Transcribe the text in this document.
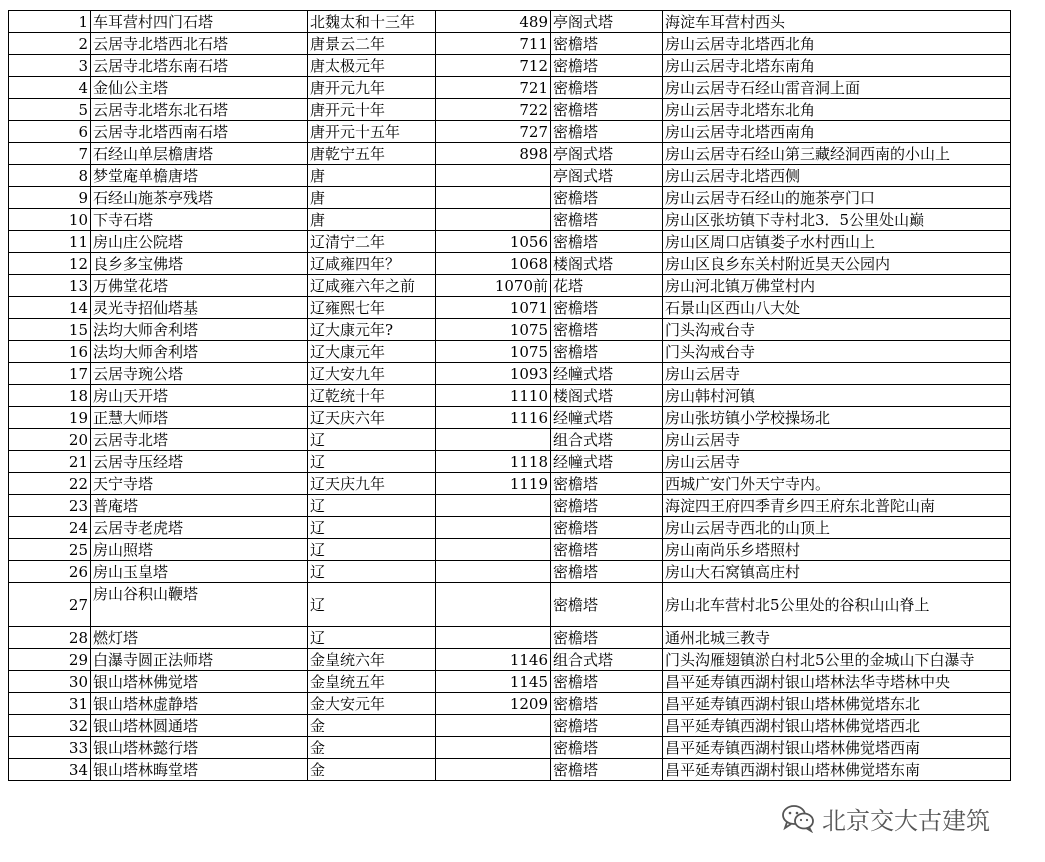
1	车耳营村四门石塔	北魏太和十三年	489	亭阁式塔	海淀车耳营村西头
2	云居寺北塔西北石塔	唐景云二年	711	密檐塔	房山云居寺北塔西北角
3	云居寺北塔东南石塔	唐太极元年	712	密檐塔	房山云居寺北塔东南角
4	金仙公主塔	唐开元九年	721	密檐塔	房山云居寺石经山雷音洞上面
5	云居寺北塔东北石塔	唐开元十年	722	密檐塔	房山云居寺北塔东北角
6	云居寺北塔西南石塔	唐开元十五年	727	密檐塔	房山云居寺北塔西南角
7	石经山单层檐唐塔	唐乾宁五年	898	亭阁式塔	房山云居寺石经山第三藏经洞西南的小山上
8	梦堂庵单檐唐塔	唐		亭阁式塔	房山云居寺北塔西侧
9	石经山施茶亭残塔	唐		密檐塔	房山云居寺石经山的施茶亭门口
10	下寺石塔	唐		密檐塔	房山区张坊镇下寺村北3．5公里处山巅
11	房山庄公院塔	辽清宁二年	1056	密檐塔	房山区周口店镇娄子水村西山上
12	良乡多宝佛塔	辽咸雍四年？	1068	楼阁式塔	房山区良乡东关村附近昊天公园内
13	万佛堂花塔	辽咸雍六年之前	1070前	花塔	房山河北镇万佛堂村内
14	灵光寺招仙塔基	辽雍熙七年	1071	密檐塔	石景山区西山八大处
15	法均大师舍利塔	辽大康元年?	1075	密檐塔	门头沟戒台寺
16	法均大师舍利塔	辽大康元年	1075	密檐塔	门头沟戒台寺
17	云居寺琬公塔	辽大安九年	1093	经幢式塔	房山云居寺
18	房山天开塔	辽乾统十年	1110	楼阁式塔	房山韩村河镇
19	正慧大师塔	辽天庆六年	1116	经幢式塔	房山张坊镇小学校操场北
20	云居寺北塔	辽		组合式塔	房山云居寺
21	云居寺压经塔	辽	1118	经幢式塔	房山云居寺
22	天宁寺塔	辽天庆九年	1119	密檐塔	西城广安门外天宁寺内。
23	普庵塔	辽		密檐塔	海淀四王府四季青乡四王府东北普陀山南
24	云居寺老虎塔	辽		密檐塔	房山云居寺西北的山顶上
25	房山照塔	辽		密檐塔	房山南尚乐乡塔照村
26	房山玉皇塔	辽		密檐塔	房山大石窝镇高庄村
27	房山谷积山鞭塔	辽		密檐塔	房山北车营村北5公里处的谷积山山脊上
28	燃灯塔	辽		密檐塔	通州北城三教寺
29	白瀑寺圆正法师塔	金皇统六年	1146	组合式塔	门头沟雁翅镇淤白村北5公里的金城山下白瀑寺
30	银山塔林佛觉塔	金皇统五年	1145	密檐塔	昌平延寿镇西湖村银山塔林法华寺塔林中央
31	银山塔林虚静塔	金大安元年	1209	密檐塔	昌平延寿镇西湖村银山塔林佛觉塔东北
32	银山塔林圆通塔	金		密檐塔	昌平延寿镇西湖村银山塔林佛觉塔西北
33	银山塔林懿行塔	金		密檐塔	昌平延寿镇西湖村银山塔林佛觉塔西南
34	银山塔林晦堂塔	金		密檐塔	昌平延寿镇西湖村银山塔林佛觉塔东南
北京交大古建筑
